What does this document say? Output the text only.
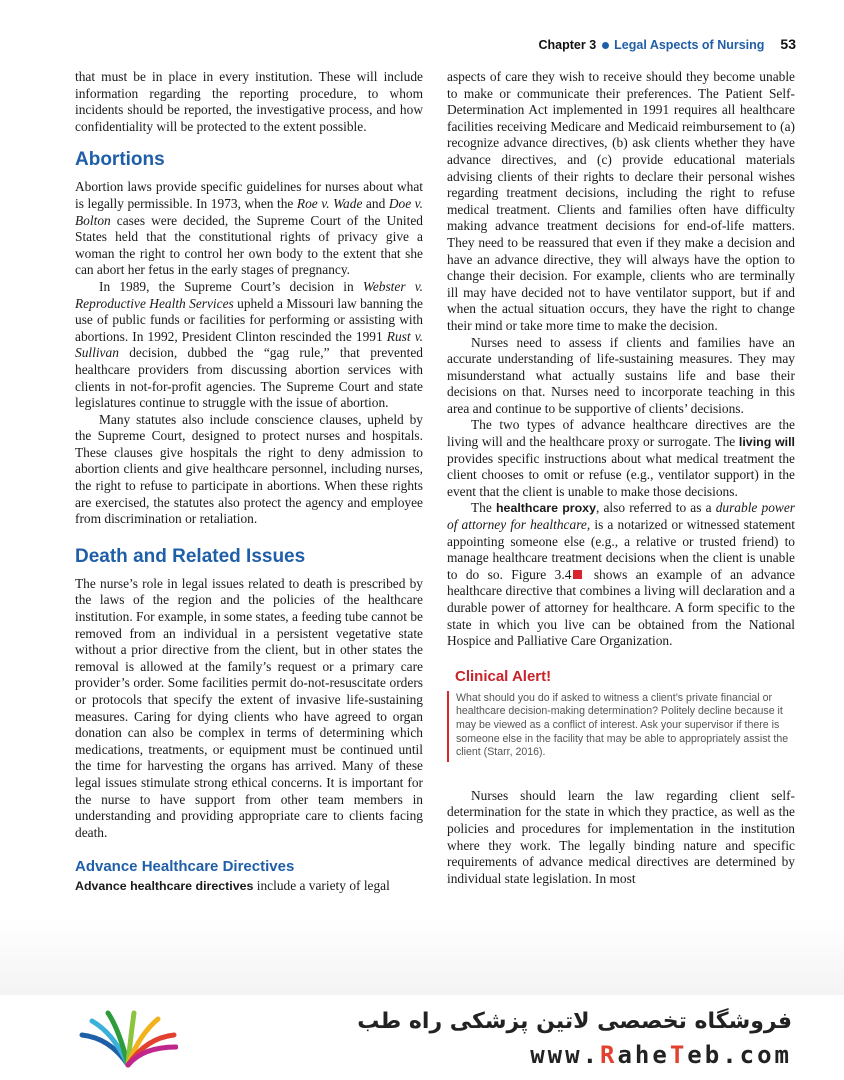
Chapter 3 Legal Aspects of Nursing 53

that must be in place in every institution. These will include information regarding the reporting procedure, to whom incidents should be reported, the investigative process, and how confidentiality will be protected to the extent possible.

Abortions

Abortion laws provide specific guidelines for nurses about what is legally permissible. In 1973, when the Roe v. Wade and Doe v. Bolton cases were decided, the Supreme Court of the United States held that the constitutional rights of privacy give a woman the right to control her own body to the extent that she can abort her fetus in the early stages of pregnancy.

In 1989, the Supreme Court’s decision in Webster v. Reproductive Health Services upheld a Missouri law banning the use of public funds or facilities for performing or assisting with abortions. In 1992, President Clinton rescinded the 1991 Rust v. Sullivan decision, dubbed the “gag rule,” that prevented healthcare providers from discussing abortion services with clients in not-for-profit agencies. The Supreme Court and state legislatures continue to struggle with the issue of abortion.

Many statutes also include conscience clauses, upheld by the Supreme Court, designed to protect nurses and hospitals. These clauses give hospitals the right to deny admission to abortion clients and give healthcare personnel, including nurses, the right to refuse to participate in abortions. When these rights are exercised, the statutes also protect the agency and employee from discrimination or retaliation.

Death and Related Issues

The nurse’s role in legal issues related to death is prescribed by the laws of the region and the policies of the healthcare institution. For example, in some states, a feeding tube cannot be removed from an individual in a persistent vegetative state without a prior directive from the client, but in other states the removal is allowed at the family’s request or a primary care provider’s order. Some facilities permit do-not-resuscitate orders or protocols that specify the extent of invasive life-sustaining measures. Caring for dying clients who have agreed to organ donation can also be complex in terms of determining which medications, treatments, or equipment must be continued until the time for harvesting the organs has arrived. Many of these legal issues stimulate strong ethical concerns. It is important for the nurse to have support from other team members in understanding and providing appropriate care to clients facing death.

Advance Healthcare Directives

Advance healthcare directives include a variety of legal

aspects of care they wish to receive should they become unable to make or communicate their preferences. The Patient Self-Determination Act implemented in 1991 requires all healthcare facilities receiving Medicare and Medicaid reimbursement to (a) recognize advance directives, (b) ask clients whether they have advance directives, and (c) provide educational materials advising clients of their rights to declare their personal wishes regarding treatment decisions, including the right to refuse medical treatment. Clients and families often have difficulty making advance treatment decisions for end-of-life matters. They need to be reassured that even if they make a decision and have an advance directive, they will always have the option to change their decision. For example, clients who are terminally ill may have decided not to have ventilator support, but if and when the actual situation occurs, they have the right to change their mind or take more time to make the decision.

Nurses need to assess if clients and families have an accurate understanding of life-sustaining measures. They may misunderstand what actually sustains life and base their decisions on that. Nurses need to incorporate teaching in this area and continue to be supportive of clients’ decisions.

The two types of advance healthcare directives are the living will and the healthcare proxy or surrogate. The living will provides specific instructions about what medical treatment the client chooses to omit or refuse (e.g., ventilator support) in the event that the client is unable to make those decisions.

The healthcare proxy, also referred to as a durable power of attorney for healthcare, is a notarized or witnessed statement appointing someone else (e.g., a relative or trusted friend) to manage healthcare treatment decisions when the client is unable to do so. Figure 3.4 shows an example of an advance healthcare directive that combines a living will declaration and a durable power of attorney for healthcare. A form specific to the state in which you live can be obtained from the National Hospice and Palliative Care Organization.

Clinical Alert!
What should you do if asked to witness a client’s private financial or healthcare decision-making determination? Politely decline because it may be viewed as a conflict of interest. Ask your supervisor if there is someone else in the facility that may be able to appropriately assist the client (Starr, 2016).

Nurses should learn the law regarding client self-determination for the state in which they practice, as well as the policies and procedures for implementation in the institution where they work. The legally binding nature and specific requirements of advance medical directives are determined by individual state legislation. In most

فروشگاه تخصصی لاتین پزشکی راه طب
www.RaheTeb.com
